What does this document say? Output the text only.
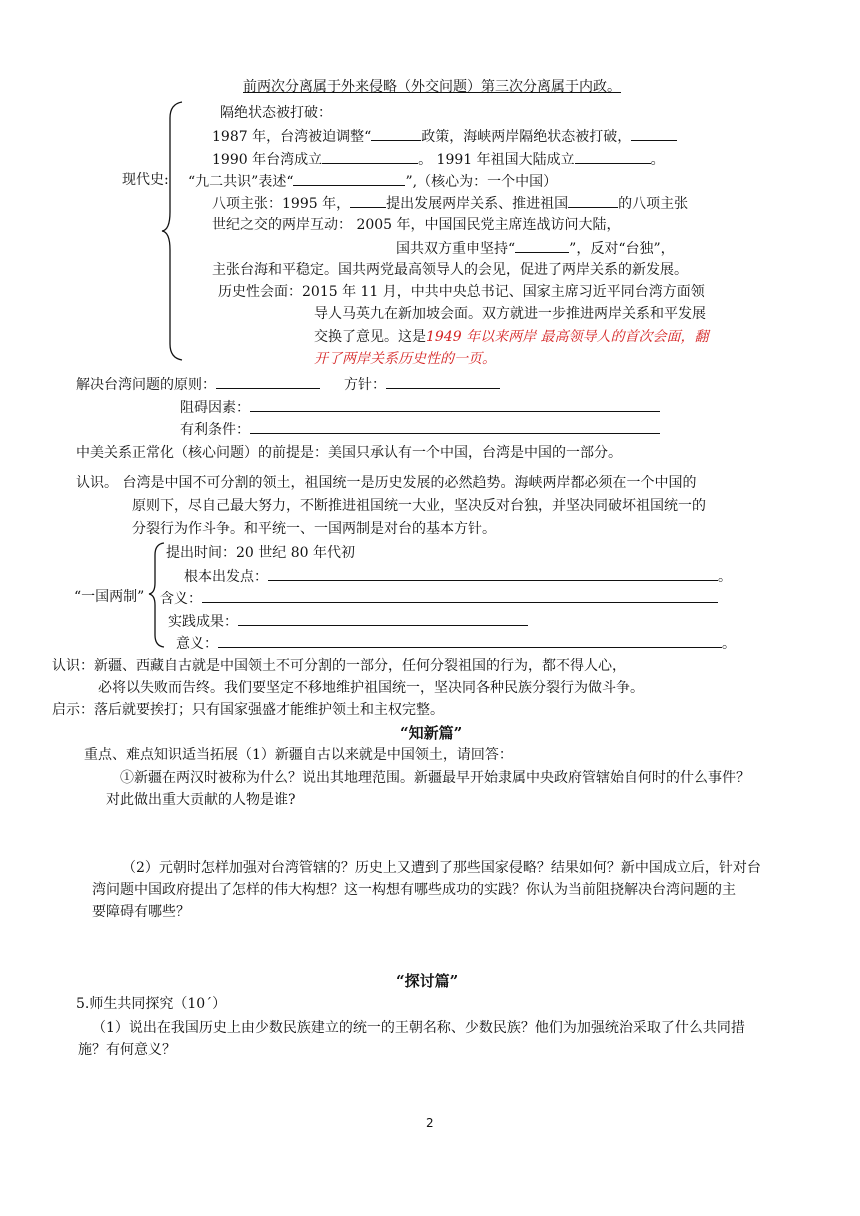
前两次分离属于外来侵略（外交问题）第三次分离属于内政。
现代史:
隔绝状态被打破：
1987 年，台湾被迫调整“	政策，海峡两岸隔绝状态被打破，
1990 年台湾成立	。 1991 年祖国大陆成立	。
“九二共识”表述“	”,（核心为：一个中国）
八项主张：1995 年，	提出发展两岸关系、推进祖国	的八项主张
世纪之交的两岸互动： 2005 年，中国国民党主席连战访问大陆，
国共双方重申坚持“	”，反对“台独”，
主张台海和平稳定。国共两党最高领导人的会见，促进了两岸关系的新发展。
历史性会面：2015 年 11 月，中共中央总书记、国家主席习近平同台湾方面领
导人马英九在新加坡会面。双方就进一步推进两岸关系和平发展
交换了意见。这是1949 年以来两岸 最高领导人的首次会面，翻
开了两岸关系历史性的一页。
解决台湾问题的原则：	方针：
阻碍因素：
有利条件：
中美关系正常化（核心问题）的前提是：美国只承认有一个中国，台湾是中国的一部分。
认识。 台湾是中国不可分割的领土，祖国统一是历史发展的必然趋势。海峡两岸都必须在一个中国的
原则下，尽自己最大努力，不断推进祖国统一大业，坚决反对台独，并坚决同破坏祖国统一的
分裂行为作斗争。和平统一、一国两制是对台的基本方针。
“一国两制”
提出时间：20 世纪 80 年代初
根本出发点：	。
含义：
实践成果：
意义：	。
认识：新疆、西藏自古就是中国领土不可分割的一部分，任何分裂祖国的行为，都不得人心，
必将以失败而告终。我们要坚定不移地维护祖国统一，坚决同各种民族分裂行为做斗争。
启示：落后就要挨打；只有国家强盛才能维护领土和主权完整。
“知新篇”
重点、难点知识适当拓展（1）新疆自古以来就是中国领土，请回答：
①新疆在两汉时被称为什么？说出其地理范围。新疆最早开始隶属中央政府管辖始自何时的什么事件？
对此做出重大贡献的人物是谁?
（2）元朝时怎样加强对台湾管辖的？历史上又遭到了那些国家侵略？结果如何？新中国成立后，针对台
湾问题中国政府提出了怎样的伟大构想？这一构想有哪些成功的实践？你认为当前阻挠解决台湾问题的主
要障碍有哪些？
“探讨篇”
5.师生共同探究（10´）
（1）说出在我国历史上由少数民族建立的统一的王朝名称、少数民族？他们为加强统治采取了什么共同措
施？有何意义？
2
